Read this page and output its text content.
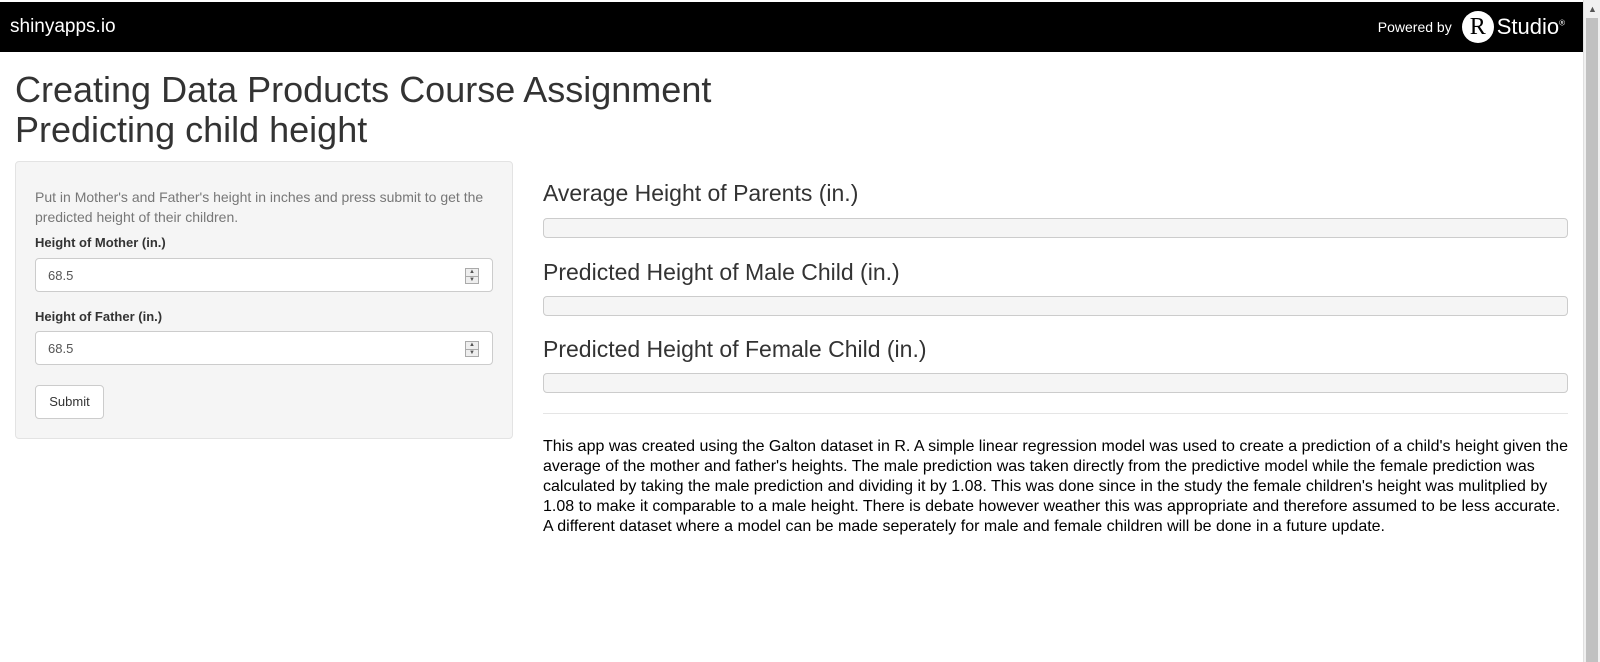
shinyapps.io	Powered by R Studio®
Creating Data Products Course Assignment
Predicting child height
Put in Mother's and Father's height in inches and press submit to get the predicted height of their children.
Height of Mother (in.)
68.5	▲
▼
Height of Father (in.)
68.5	▲
▼
Submit
Average Height of Parents (in.)
Predicted Height of Male Child (in.)
Predicted Height of Female Child (in.)
This app was created using the Galton dataset in R. A simple linear regression model was used to create a prediction of a child's height given the average of the mother and father's heights. The male prediction was taken directly from the predictive model while the female prediction was calculated by taking the male prediction and dividing it by 1.08. This was done since in the study the female children's height was mulitplied by 1.08 to make it comparable to a male height. There is debate however weather this was appropriate and therefore assumed to be less accurate. A different dataset where a model can be made seperately for male and female children will be done in a future update.
▲
